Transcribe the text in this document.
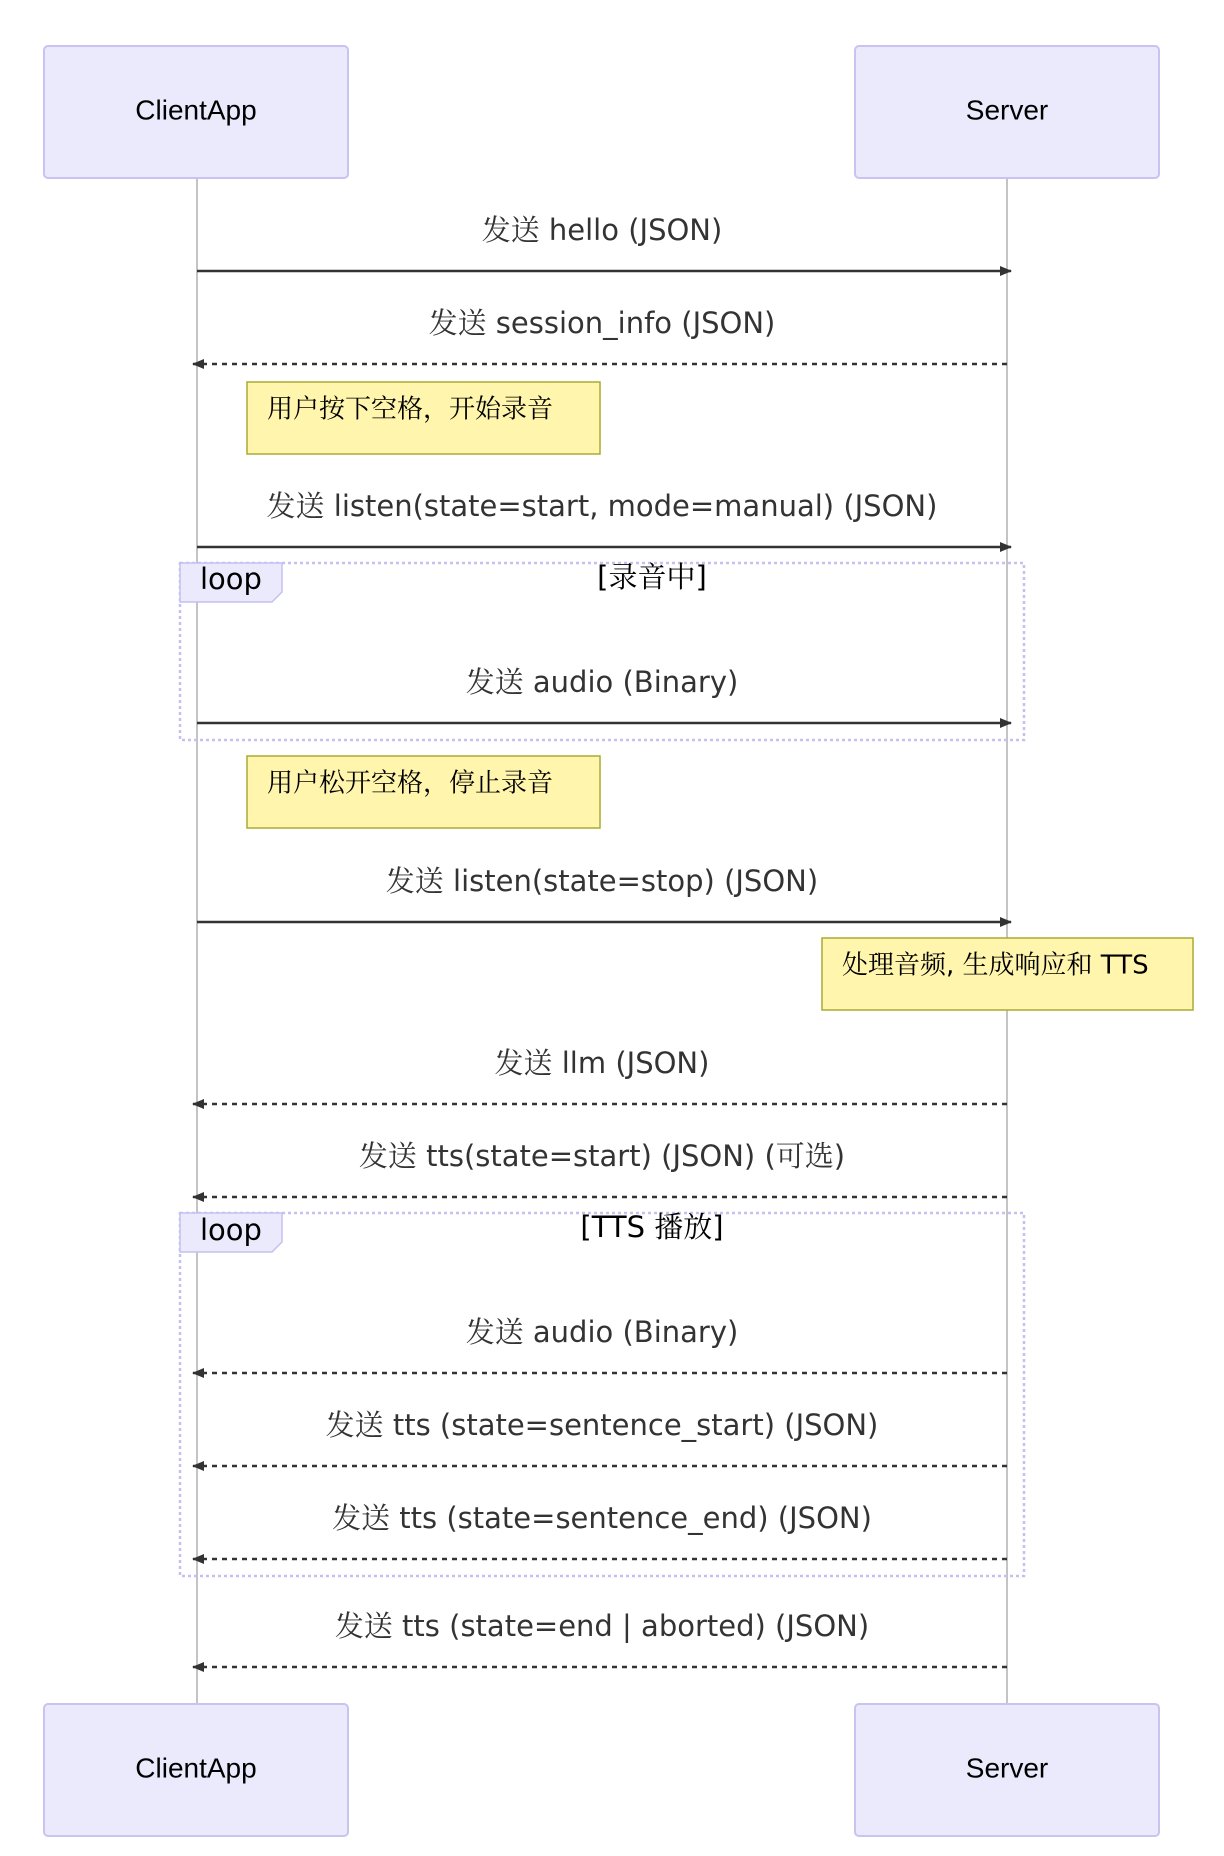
ClientApp	Server
loop	[录音中]
loop	[TTS 播放]
用户按下空格，开始录音
用户松开空格，停止录音
处理音频, 生成响应和 TTS
发送 hello (JSON)
发送 session_info (JSON)
发送 listen(state=start, mode=manual) (JSON)
发送 audio (Binary)
发送 listen(state=stop) (JSON)
发送 llm (JSON)
发送 tts(state=start) (JSON) (可选)
发送 audio (Binary)
发送 tts (state=sentence_start) (JSON)
发送 tts (state=sentence_end) (JSON)
发送 tts (state=end | aborted) (JSON)
ClientApp	Server
